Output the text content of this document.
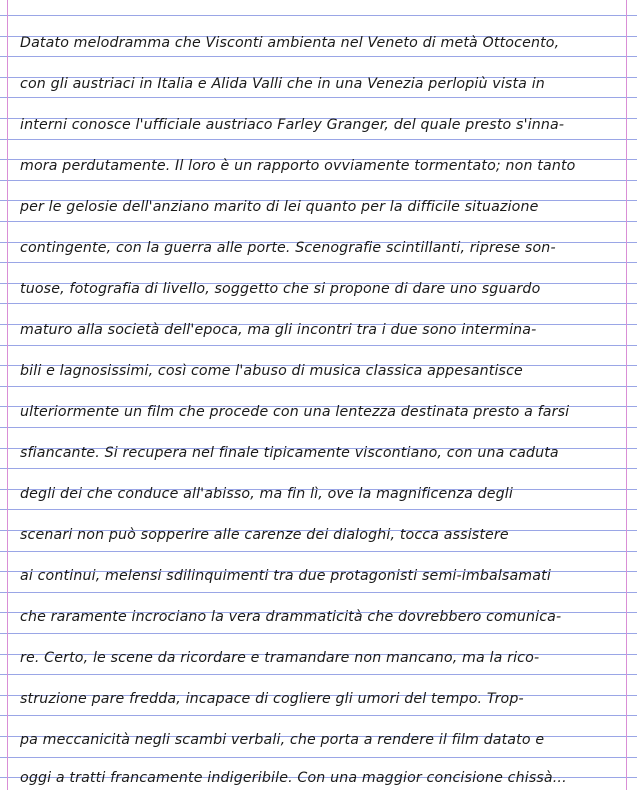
Datato melodramma che Visconti ambienta nel Veneto di metà Ottocento,
con gli austriaci in Italia e Alida Valli che in una Venezia perlopiù vista in
interni conosce l'ufficiale austriaco Farley Granger, del quale presto s'inna-
mora perdutamente. Il loro è un rapporto ovviamente tormentato; non tanto
per le gelosie dell'anziano marito di lei quanto per la difficile situazione
contingente, con la guerra alle porte. Scenografie scintillanti, riprese son-
tuose, fotografia di livello, soggetto che si propone di dare uno sguardo
maturo alla società dell'epoca, ma gli incontri tra i due sono intermina-
bili e lagnosissimi, così come l'abuso di musica classica appesantisce
ulteriormente un film che procede con una lentezza destinata presto a farsi
sfiancante. Si recupera nel finale tipicamente viscontiano, con una caduta
degli dei che conduce all'abisso, ma fin lì, ove la magnificenza degli
scenari non può sopperire alle carenze dei dialoghi, tocca assistere
ai continui, melensi sdilinquimenti tra due protagonisti semi-imbalsamati
che raramente incrociano la vera drammaticità che dovrebbero comunica-
re. Certo, le scene da ricordare e tramandare non mancano, ma la rico-
struzione pare fredda, incapace di cogliere gli umori del tempo. Trop-
pa meccanicità negli scambi verbali, che porta a rendere il film datato e
oggi a tratti francamente indigeribile. Con una maggior concisione chissà...
